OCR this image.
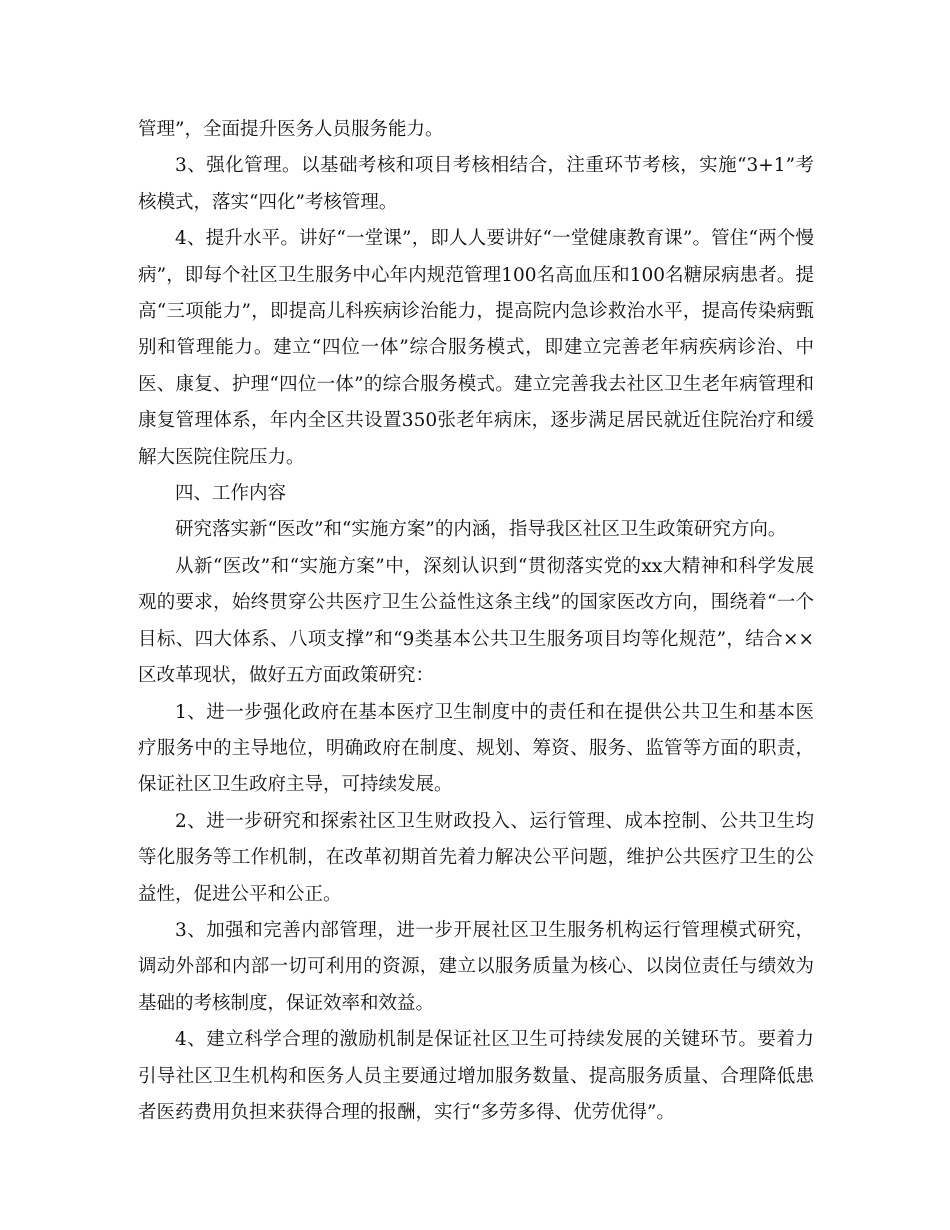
管理”，全面提升医务人员服务能力。

3、强化管理。以基础考核和项目考核相结合，注重环节考核，实施“3+1”考核模式，落实“四化”考核管理。

4、提升水平。讲好“一堂课”，即人人要讲好“一堂健康教育课”。管住“两个慢病”，即每个社区卫生服务中心年内规范管理100名高血压和100名糖尿病患者。提高“三项能力”，即提高儿科疾病诊治能力，提高院内急诊救治水平，提高传染病甄别和管理能力。建立“四位一体”综合服务模式，即建立完善老年病疾病诊治、中医、康复、护理“四位一体”的综合服务模式。建立完善我去社区卫生老年病管理和康复管理体系，年内全区共设置350张老年病床，逐步满足居民就近住院治疗和缓解大医院住院压力。

四、工作内容

研究落实新“医改”和“实施方案”的内涵，指导我区社区卫生政策研究方向。

从新“医改”和“实施方案”中，深刻认识到“贯彻落实党的xx大精神和科学发展观的要求，始终贯穿公共医疗卫生公益性这条主线”的国家医改方向，围绕着“一个目标、四大体系、八项支撑”和“9类基本公共卫生服务项目均等化规范”，结合××区改革现状，做好五方面政策研究：

1、进一步强化政府在基本医疗卫生制度中的责任和在提供公共卫生和基本医疗服务中的主导地位，明确政府在制度、规划、筹资、服务、监管等方面的职责，保证社区卫生政府主导，可持续发展。

2、进一步研究和探索社区卫生财政投入、运行管理、成本控制、公共卫生均等化服务等工作机制，在改革初期首先着力解决公平问题，维护公共医疗卫生的公益性，促进公平和公正。

3、加强和完善内部管理，进一步开展社区卫生服务机构运行管理模式研究，调动外部和内部一切可利用的资源，建立以服务质量为核心、以岗位责任与绩效为基础的考核制度，保证效率和效益。

4、建立科学合理的激励机制是保证社区卫生可持续发展的关键环节。要着力引导社区卫生机构和医务人员主要通过增加服务数量、提高服务质量、合理降低患者医药费用负担来获得合理的报酬，实行“多劳多得、优劳优得”。
